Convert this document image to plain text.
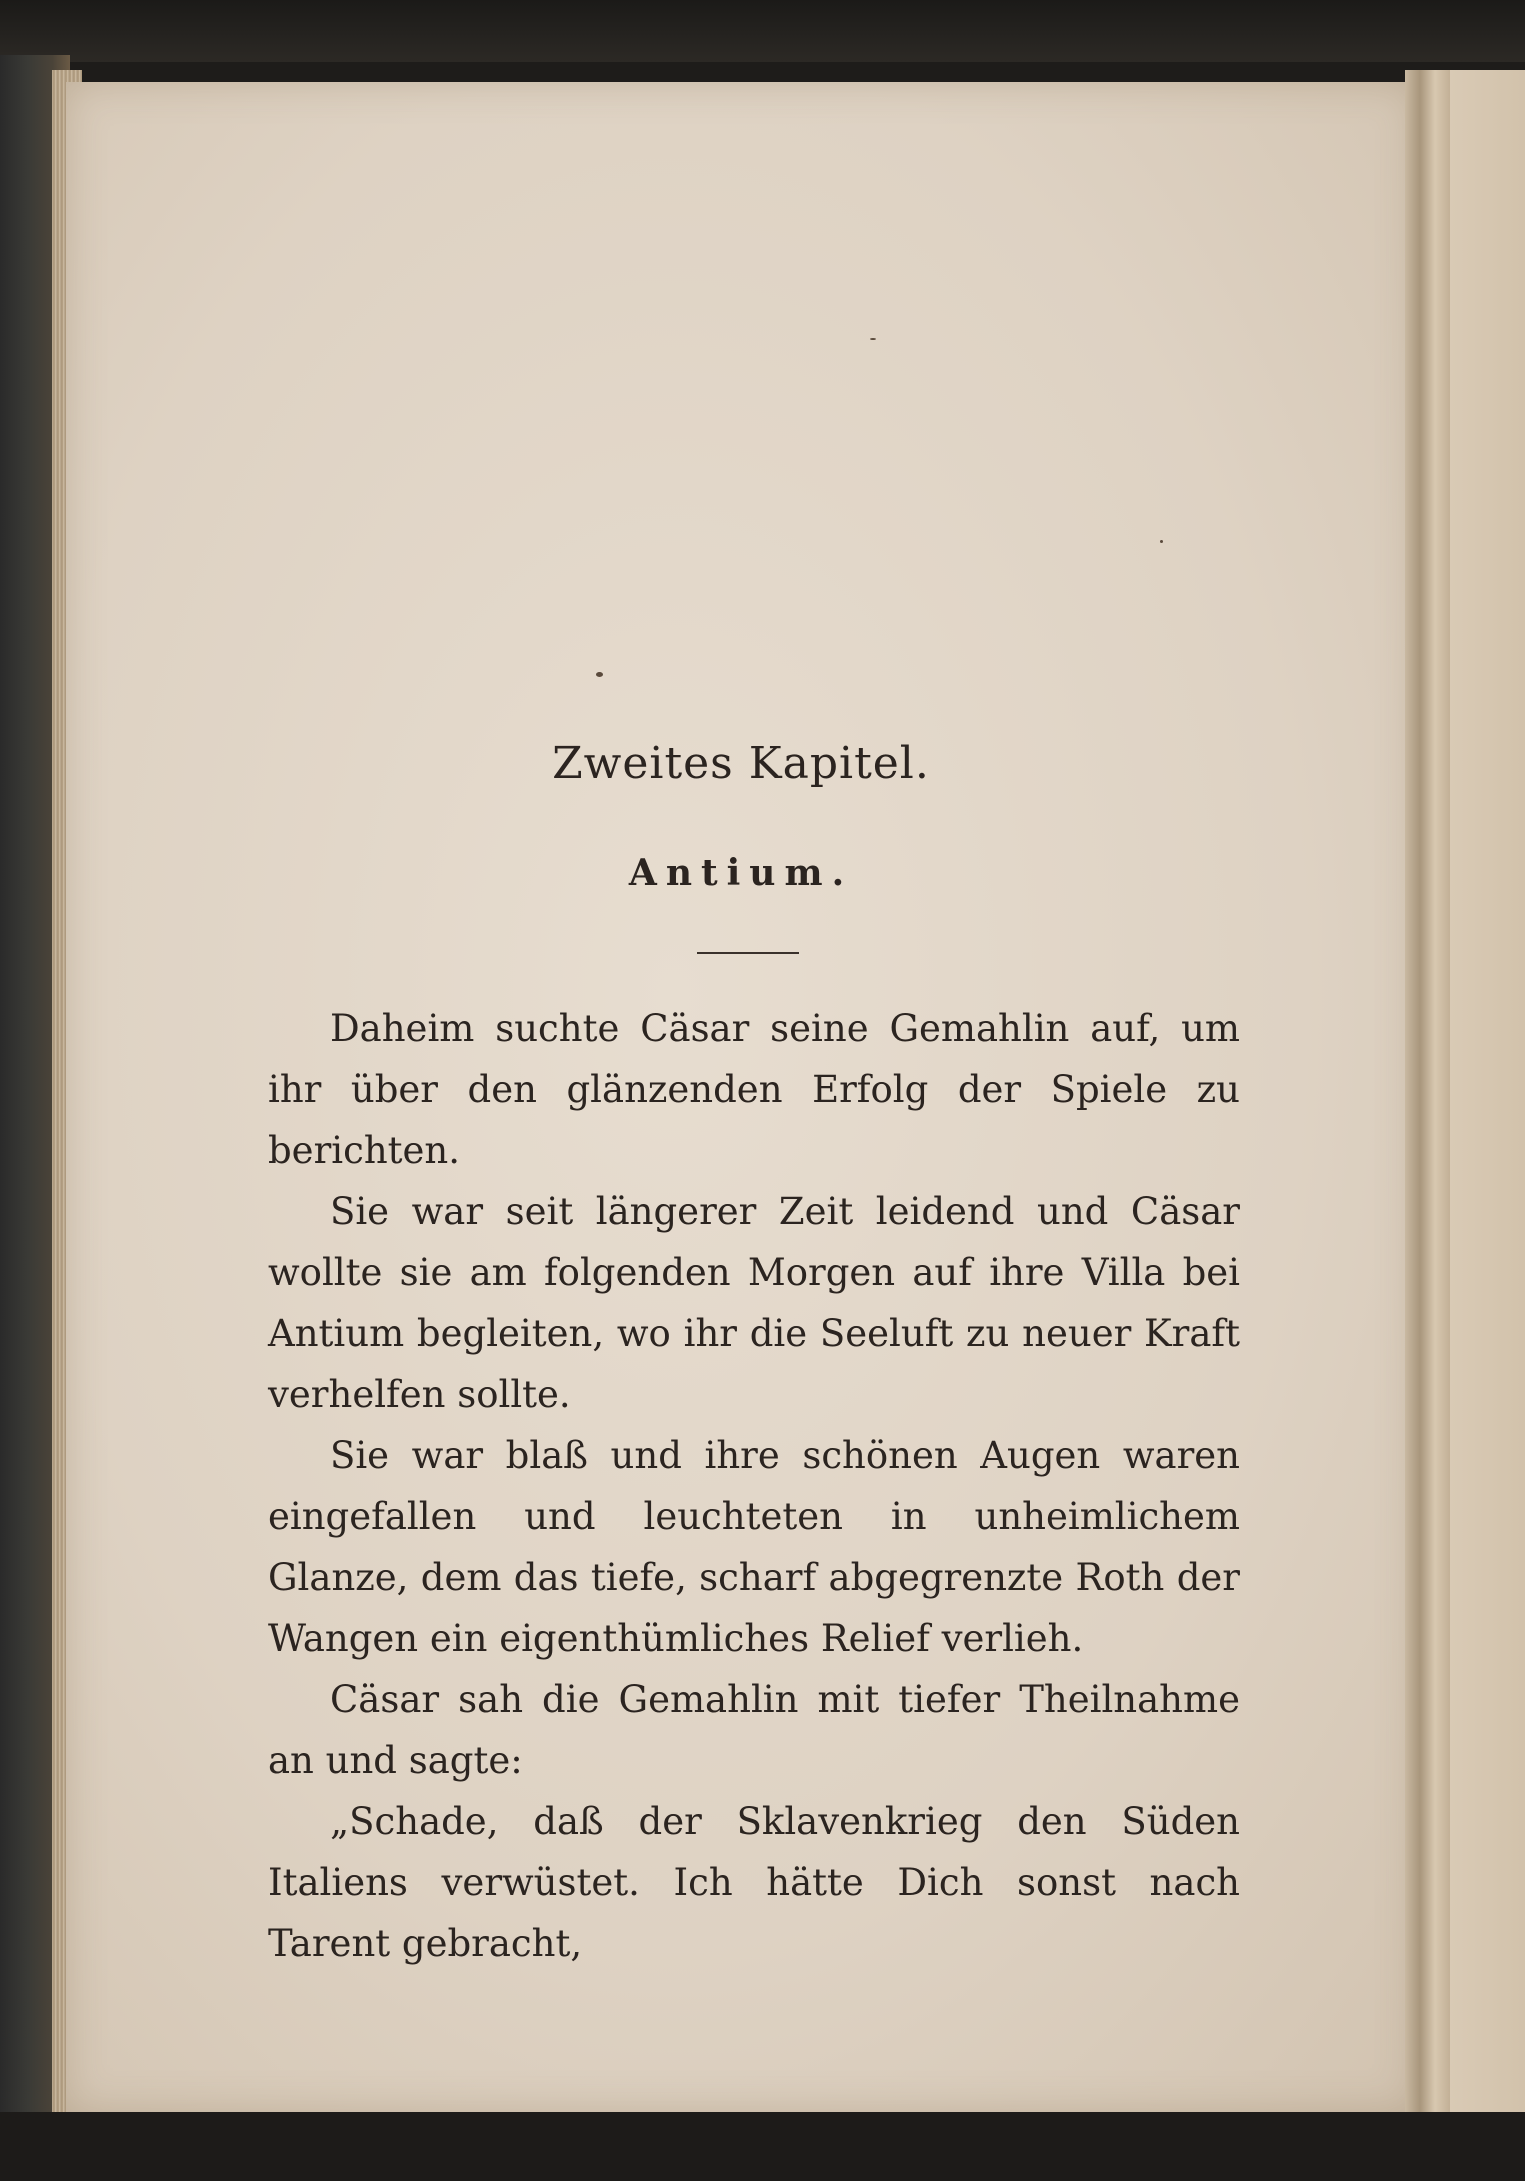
Zweites Kapitel.
Antium.

Daheim suchte Cäsar seine Gemahlin auf, um ihr über den glänzenden Erfolg der Spiele zu berichten.

Sie war seit längerer Zeit leidend und Cäsar wollte sie am folgenden Morgen auf ihre Villa bei Antium begleiten, wo ihr die Seeluft zu neuer Kraft verhelfen sollte.

Sie war blaß und ihre schönen Augen waren eingefallen und leuchteten in unheimlichem Glanze, dem das tiefe, scharf abgegrenzte Roth der Wangen ein eigenthümliches Relief verlieh.

Cäsar sah die Gemahlin mit tiefer Theilnahme an und sagte:

„Schade, daß der Sklavenkrieg den Süden Italiens verwüstet. Ich hätte Dich sonst nach Tarent gebracht,
